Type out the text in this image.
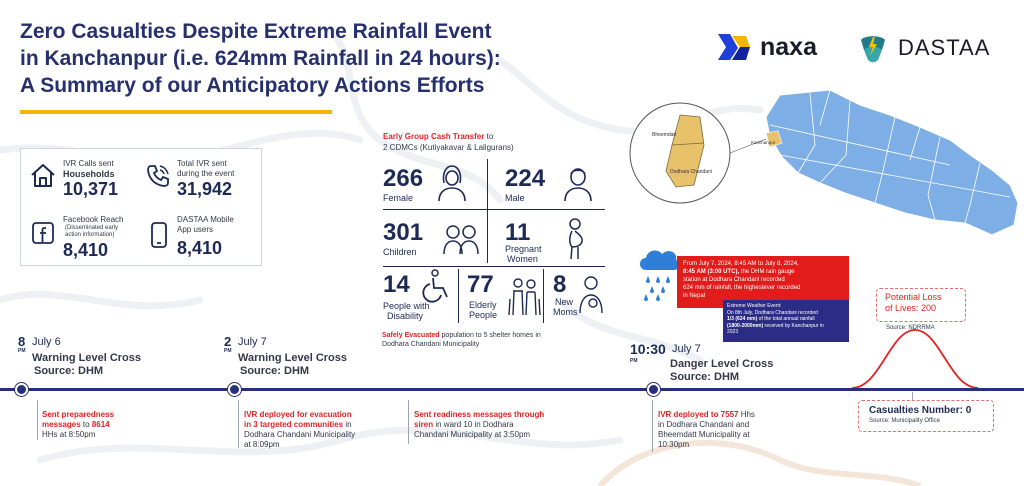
Zero Casualties Despite Extreme Rainfall Event
in Kanchanpur (i.e. 624mm Rainfall in 24 hours):
A Summary of our Anticipatory Actions Efforts
naxa	DASTAA
IVR Calls sent
Households
10,371
Total IVR sent
during the event
31,942
Facebook Reach
(Disseminated early
action information)
8,410
DASTAA Mobile
App users
8,410
Early Group Cash Transfer to
2 CDMCs (Kutiyakavar & Laligurans)
266
Female
224
Male
301
Children
11
Pregnant
Women
14
People with
Disability
77
Elderly
People
8
New
Moms
Safely Evacuated population to 5 shelter homes in
Dodhara Chandani Municipality
Bheemdatt
Dodhara Chandani
Kanchanpur
From July 7, 2024, 8:45 AM to July 8, 2024,
8:45 AM (3:00 UTC), the DHM rain gauge
station at Dodhara Chandani recorded
624 mm of rainfall, the highestever recorded
in Nepal
Extreme Weather Event:
On 8th July, Dodhara Chandani recorded
1/3 (624 mm) of the total annual rainfall
(1800-2000mm) received by Kanchanpur in
2023
Potential Loss
of Lives: 200
Source: NDRRMA
8
PM
July 6
Warning Level Cross
Source: DHM
2
PM
July 7
Warning Level Cross
Source: DHM
10:30
PM
July 7
Danger Level Cross
Source: DHM
Sent preparedness
messages to 8614
HHs at 8:50pm
IVR deployed for evacuation
in 3 targeted communities in
Dodhara Chandani Municipality
at 8:09pm
Sent readiness messages through
siren in ward 10 in Dodhara
Chandani Municipality at 3:50pm
IVR deployed to 7557 Hhs
in Dodhara Chandani and
Bheemdatt Municipality at
10:30pm
Casualties Number: 0
Source: Municipality Office
